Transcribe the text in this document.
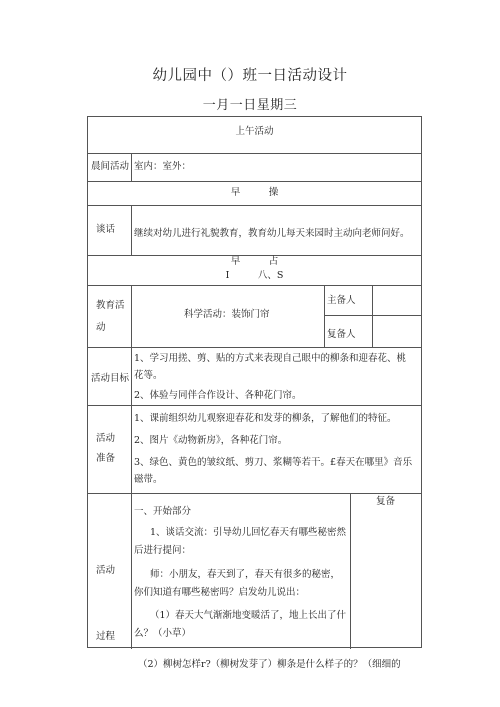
幼儿园中（）班一日活动设计
一月一日星期三
上午活动
晨间活动 室内：室外：
早　　　操
谈话 继续对幼儿进行礼貌教育，教育幼儿每天来园时主动向老师问好。
早　　　占
I　　　八、S
教育活
动
科学活动：装饰门帘
主备人
复备人
活动目标
1、学习用搓、剪、贴的方式来表现自己眼中的柳条和迎春花、桃花等。
2、体验与同伴合作设计、各种花门帘。
活动
准备
1、课前组织幼儿观察迎春花和发芽的柳条，了解他们的特征。
2、图片《动物新房》，各种花门帘。
3、绿色、黄色的皱纹纸、剪刀、浆糊等若干。£春天在哪里》音乐磁带。
活动
过程
复备
一、开始部分
1、谈话交流：引导幼儿回忆春天有哪些秘密然后进行提问：
师：小朋友，春天到了，春天有很多的秘密，你们知道有哪些秘密吗？启发幼儿说出：
（1）春天大气渐渐地变暖活了，地上长出了什么？（小草）
（2）柳树怎样r?（柳树发芽了）柳条是什么样子的？（细细的
